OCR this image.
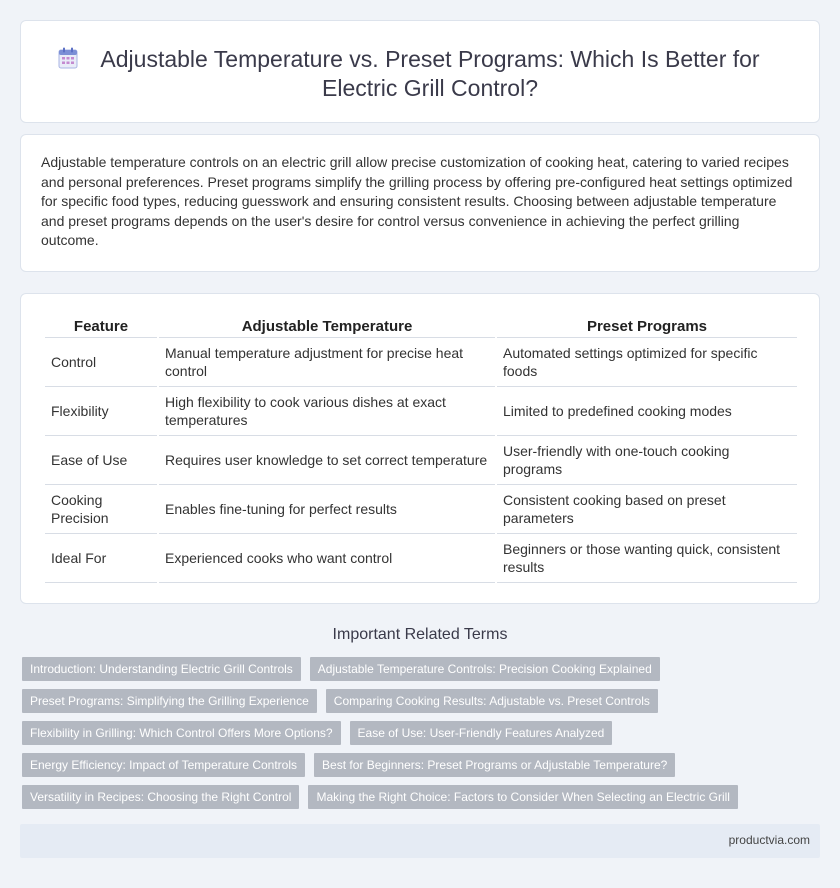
Adjustable Temperature vs. Preset Programs: Which Is Better for Electric Grill Control?

Adjustable temperature controls on an electric grill allow precise customization of cooking heat, catering to varied recipes and personal preferences. Preset programs simplify the grilling process by offering pre-configured heat settings optimized for specific food types, reducing guesswork and ensuring consistent results. Choosing between adjustable temperature and preset programs depends on the user's desire for control versus convenience in achieving the perfect grilling outcome.

Feature	Adjustable Temperature	Preset Programs
Control	Manual temperature adjustment for precise heat control	Automated settings optimized for specific foods
Flexibility	High flexibility to cook various dishes at exact temperatures	Limited to predefined cooking modes
Ease of Use	Requires user knowledge to set correct temperature	User-friendly with one-touch cooking programs
Cooking Precision	Enables fine-tuning for perfect results	Consistent cooking based on preset parameters
Ideal For	Experienced cooks who want control	Beginners or those wanting quick, consistent results
Important Related Terms
Introduction: Understanding Electric Grill Controls	Adjustable Temperature Controls: Precision Cooking Explained
Preset Programs: Simplifying the Grilling Experience	Comparing Cooking Results: Adjustable vs. Preset Controls
Flexibility in Grilling: Which Control Offers More Options?	Ease of Use: User-Friendly Features Analyzed
Energy Efficiency: Impact of Temperature Controls	Best for Beginners: Preset Programs or Adjustable Temperature?
Versatility in Recipes: Choosing the Right Control	Making the Right Choice: Factors to Consider When Selecting an Electric Grill
productvia.com
